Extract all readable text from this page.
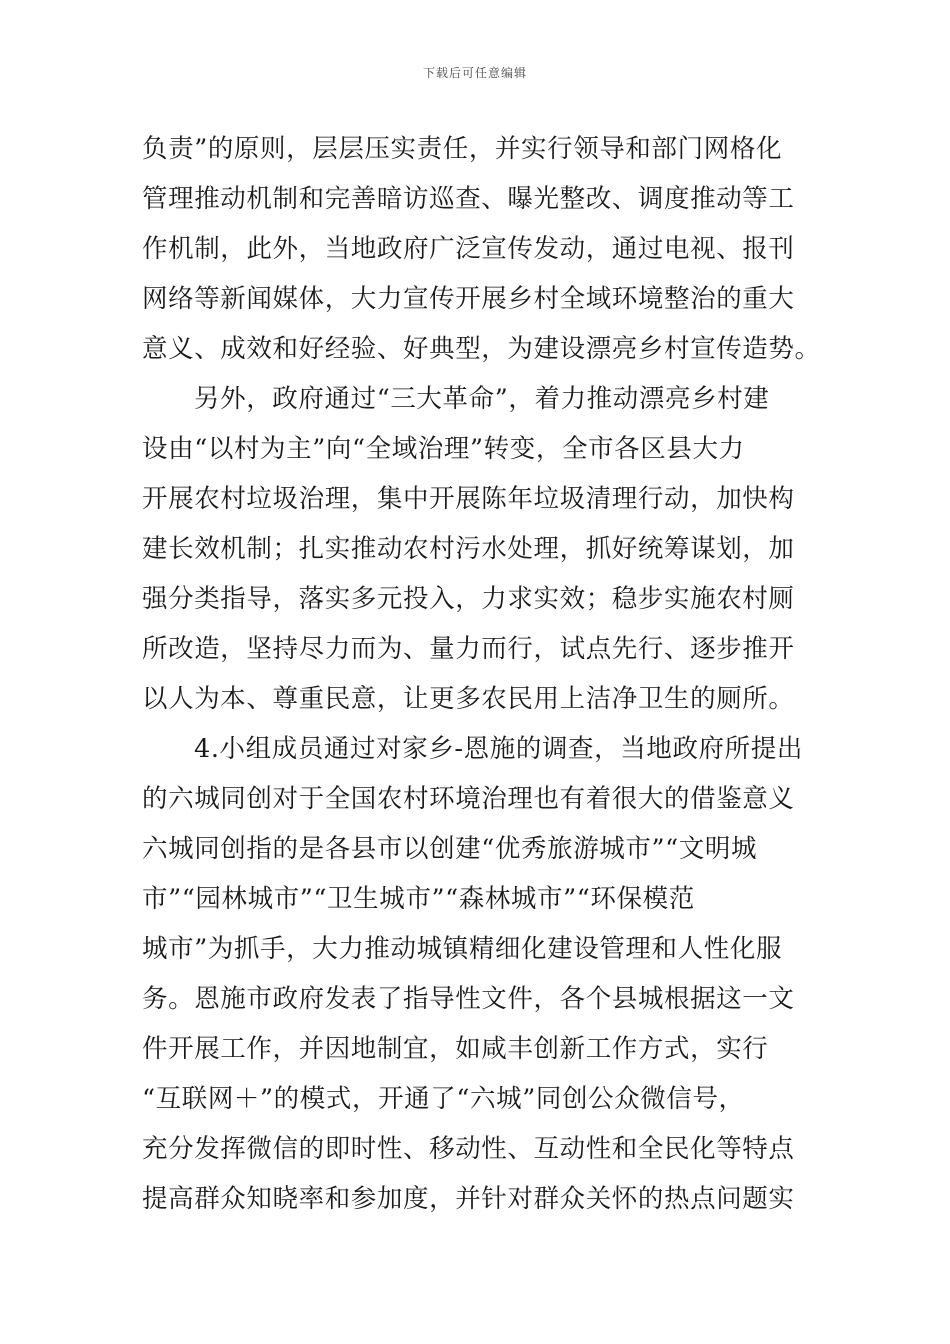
下载后可任意编辑
负责”的原则，层层压实责任，并实行领导和部门网格化
管理推动机制和完善暗访巡查、曝光整改、调度推动等工
作机制，此外，当地政府广泛宣传发动，通过电视、报刊
网络等新闻媒体，大力宣传开展乡村全域环境整治的重大
意义、成效和好经验、好典型，为建设漂亮乡村宣传造势。
另外，政府通过“三大革命”，着力推动漂亮乡村建
设由“以村为主”向“全域治理”转变，全市各区县大力
开展农村垃圾治理，集中开展陈年垃圾清理行动，加快构
建长效机制；扎实推动农村污水处理，抓好统筹谋划，加
强分类指导，落实多元投入，力求实效；稳步实施农村厕
所改造，坚持尽力而为、量力而行，试点先行、逐步推开
以人为本、尊重民意，让更多农民用上洁净卫生的厕所。
4.小组成员通过对家乡-恩施的调查，当地政府所提出
的六城同创对于全国农村环境治理也有着很大的借鉴意义
六城同创指的是各县市以创建“优秀旅游城市”“文明城
市”“园林城市”“卫生城市”“森林城市”“环保模范
城市”为抓手，大力推动城镇精细化建设管理和人性化服
务。恩施市政府发表了指导性文件，各个县城根据这一文
件开展工作，并因地制宜，如咸丰创新工作方式，实行
“互联网＋”的模式，开通了“六城”同创公众微信号，
充分发挥微信的即时性、移动性、互动性和全民化等特点
提高群众知晓率和参加度，并针对群众关怀的热点问题实
